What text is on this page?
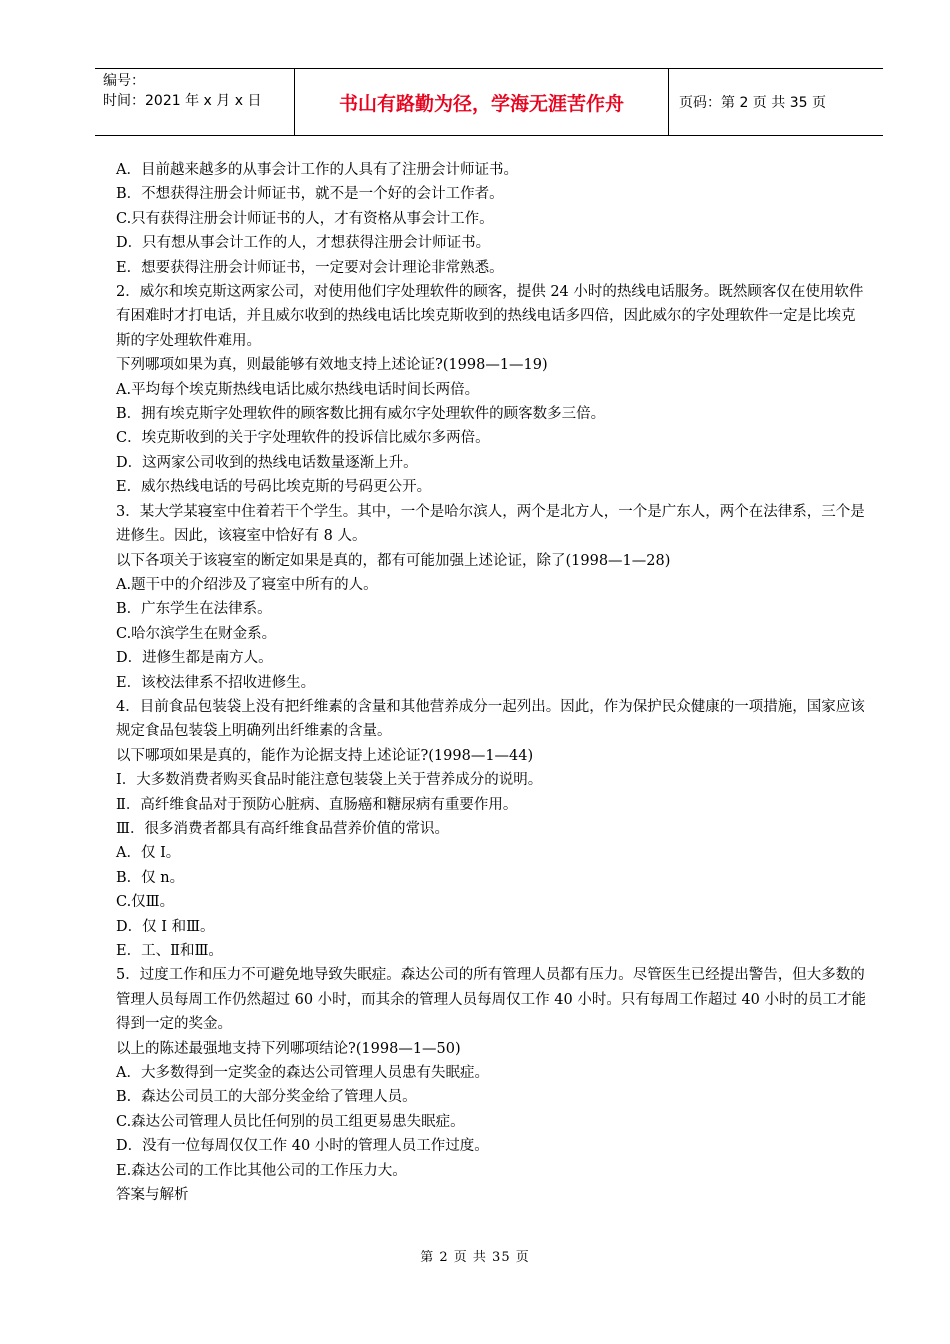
编号：
时间：2021 年 x 月 x 日	书山有路勤为径，学海无涯苦作舟	页码：第 2 页 共 35 页

A．目前越来越多的从事会计工作的人具有了注册会计师证书。

B．不想获得注册会计师证书，就不是一个好的会计工作者。

C.只有获得注册会计师证书的人，才有资格从事会计工作。

D．只有想从事会计工作的人，才想获得注册会计师证书。

E．想要获得注册会计师证书，一定要对会计理论非常熟悉。

2．威尔和埃克斯这两家公司，对使用他们字处理软件的顾客，提供 24 小时的热线电话服务。既然顾客仅在使用软件有困难时才打电话，并且威尔收到的热线电话比埃克斯收到的热线电话多四倍，因此威尔的字处理软件一定是比埃克斯的字处理软件难用。

下列哪项如果为真，则最能够有效地支持上述论证?(1998—1—19)

A.平均每个埃克斯热线电话比威尔热线电话时间长两倍。

B．拥有埃克斯字处理软件的顾客数比拥有威尔字处理软件的顾客数多三倍。

C．埃克斯收到的关于字处理软件的投诉信比威尔多两倍。

D．这两家公司收到的热线电话数量逐渐上升。

E．威尔热线电话的号码比埃克斯的号码更公开。

3．某大学某寝室中住着若干个学生。其中，一个是哈尔滨人，两个是北方人，一个是广东人，两个在法律系，三个是进修生。因此，该寝室中恰好有 8 人。

以下各项关于该寝室的断定如果是真的，都有可能加强上述论证，除了(1998—1—28)

A.题干中的介绍涉及了寝室中所有的人。

B．广东学生在法律系。

C.哈尔滨学生在财金系。

D．进修生都是南方人。

E．该校法律系不招收进修生。

4．目前食品包装袋上没有把纤维素的含量和其他营养成分一起列出。因此，作为保护民众健康的一项措施，国家应该规定食品包装袋上明确列出纤维素的含量。

以下哪项如果是真的，能作为论据支持上述论证?(1998—1—44)

I．大多数消费者购买食品时能注意包装袋上关于营养成分的说明。

Ⅱ．高纤维食品对于预防心脏病、直肠癌和糖尿病有重要作用。

Ⅲ．很多消费者都具有高纤维食品营养价值的常识。

A．仅 I。

B．仅 n。

C.仅Ⅲ。

D．仅 I 和Ⅲ。

E．工、Ⅱ和Ⅲ。

5．过度工作和压力不可避免地导致失眠症。森达公司的所有管理人员都有压力。尽管医生已经提出警告，但大多数的管理人员每周工作仍然超过 60 小时，而其余的管理人员每周仅工作 40 小时。只有每周工作超过 40 小时的员工才能得到一定的奖金。

以上的陈述最强地支持下列哪项结论?(1998—1—50)

A．大多数得到一定奖金的森达公司管理人员患有失眠症。

B．森达公司员工的大部分奖金给了管理人员。

C.森达公司管理人员比任何别的员工组更易患失眠症。

D．没有一位每周仅仅工作 40 小时的管理人员工作过度。

E.森达公司的工作比其他公司的工作压力大。

答案与解析

第 2 页 共 35 页
